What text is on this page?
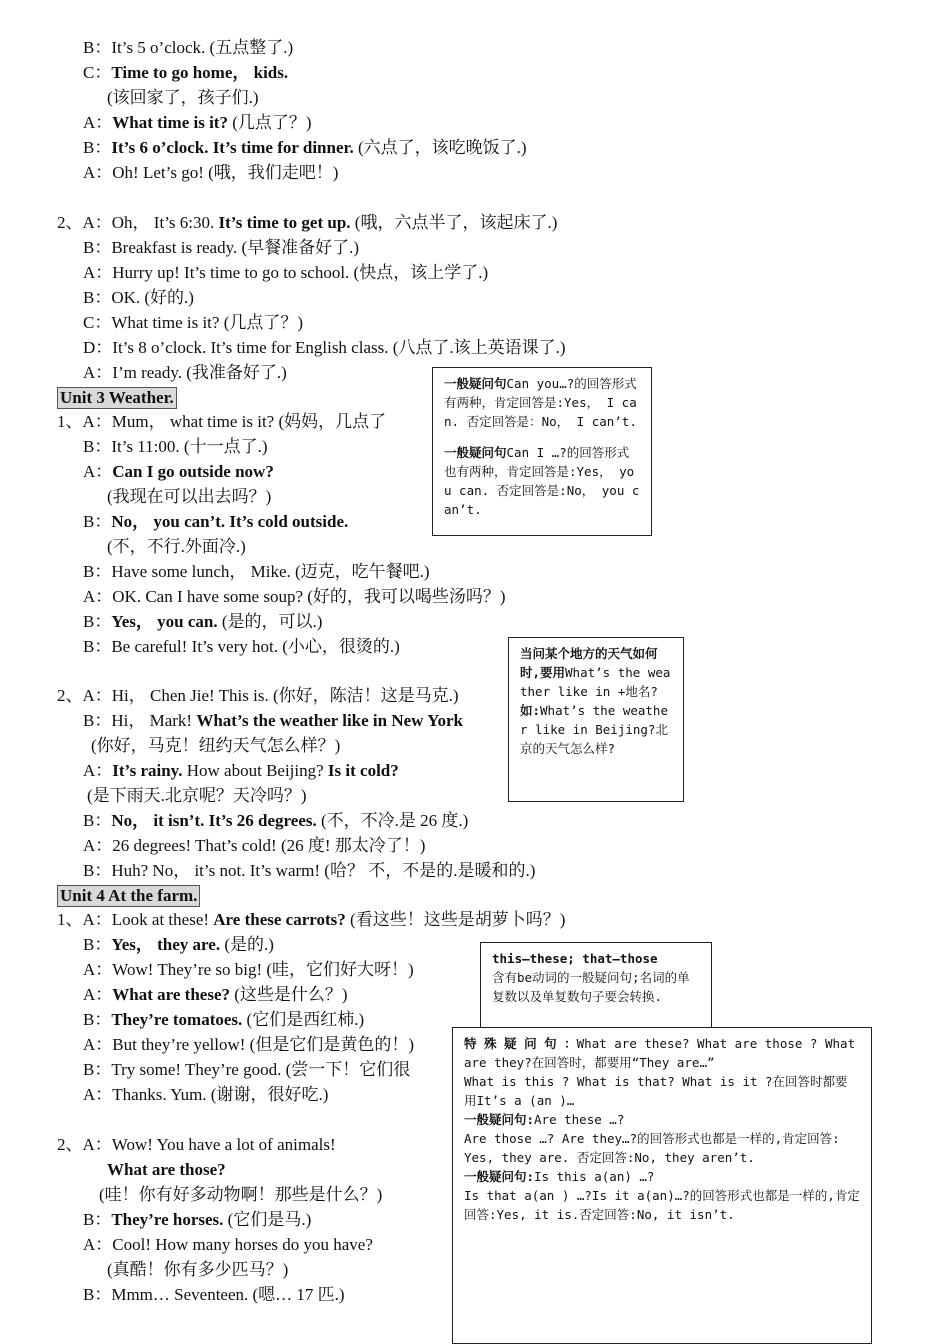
B：It’s 5 o’clock. (五点整了.)
C：Time to go home， kids.
(该回家了，孩子们.)
A：What time is it? (几点了？)
B：It’s 6 o’clock. It’s time for dinner. (六点了，该吃晚饭了.)
A：Oh! Let’s go! (哦，我们走吧！)
2、A：Oh， It’s 6:30. It’s time to get up. (哦，六点半了，该起床了.)
B：Breakfast is ready. (早餐准备好了.)
A：Hurry up! It’s time to go to school. (快点，该上学了.)
B：OK. (好的.)
C：What time is it? (几点了？)
D：It’s 8 o’clock. It’s time for English class. (八点了.该上英语课了.)
A：I’m ready. (我准备好了.)
Unit 3 Weather.
1、A：Mum， what time is it? (妈妈，几点了
B：It’s 11:00. (十一点了.)
A：Can I go outside now?
(我现在可以出去吗？)
B：No， you can’t. It’s cold outside.
(不，不行.外面冷.)
B：Have some lunch， Mike. (迈克，吃午餐吧.)
A：OK. Can I have some soup? (好的，我可以喝些汤吗？)
B：Yes， you can. (是的，可以.)
B：Be careful! It’s very hot. (小心，很烫的.)
2、A：Hi， Chen Jie! This is. (你好，陈洁！这是马克.)
B：Hi， Mark! What’s the weather like in New York
(你好，马克！纽约天气怎么样？)
A：It’s rainy. How about Beijing? Is it cold?
(是下雨天.北京呢？天冷吗？)
B：No， it isn’t. It’s 26 degrees. (不，不冷.是 26 度.)
A：26 degrees! That’s cold! (26 度! 那太冷了！)
B：Huh? No， it’s not. It’s warm! (哈？ 不，不是的.是暖和的.)
Unit 4 At the farm.
1、A：Look at these! Are these carrots? (看这些！这些是胡萝卜吗？)
B：Yes， they are. (是的.)
A：Wow! They’re so big! (哇，它们好大呀！)
A：What are these? (这些是什么？)
B：They’re tomatoes. (它们是西红柿.)
A：But they’re yellow! (但是它们是黄色的！)
B：Try some! They’re good. (尝一下！它们很
A：Thanks. Yum. (谢谢，很好吃.)
2、A：Wow! You have a lot of animals!
What are those?
(哇！你有好多动物啊！那些是什么？)
B：They’re horses. (它们是马.)
A：Cool! How many horses do you have?
(真酷！你有多少匹马？)
B：Mmm… Seventeen. (嗯… 17 匹.)
一般疑问句Can you…?的回答形式有两种，肯定回答是:Yes， I can. 否定回答是：No， I can’t.
一般疑问句Can I …?的回答形式也有两种，肯定回答是:Yes， you can. 否定回答是:No， you can’t.
当问某个地方的天气如何时,要用What’s the weather like in +地名?
如:What’s the weather like in Beijing?北京的天气怎么样?
this—these; that—those
含有be动词的一般疑问句;名词的单复数以及单复数句子要会转换.
特 殊 疑 问 句 ：What are these? What are those ? What are they?在回答时，都要用“They are…”
What is this ? What is that? What is it ?在回答时都要用It’s a (an )…
一般疑问句:Are these …?
Are those …? Are they…?的回答形式也都是一样的,肯定回答:
Yes, they are. 否定回答:No, they aren’t.
一般疑问句:Is this a(an) …?
Is that a(an ) …?Is it a(an)…?的回答形式也都是一样的,肯定回答:Yes, it is.否定回答:No, it isn’t.
